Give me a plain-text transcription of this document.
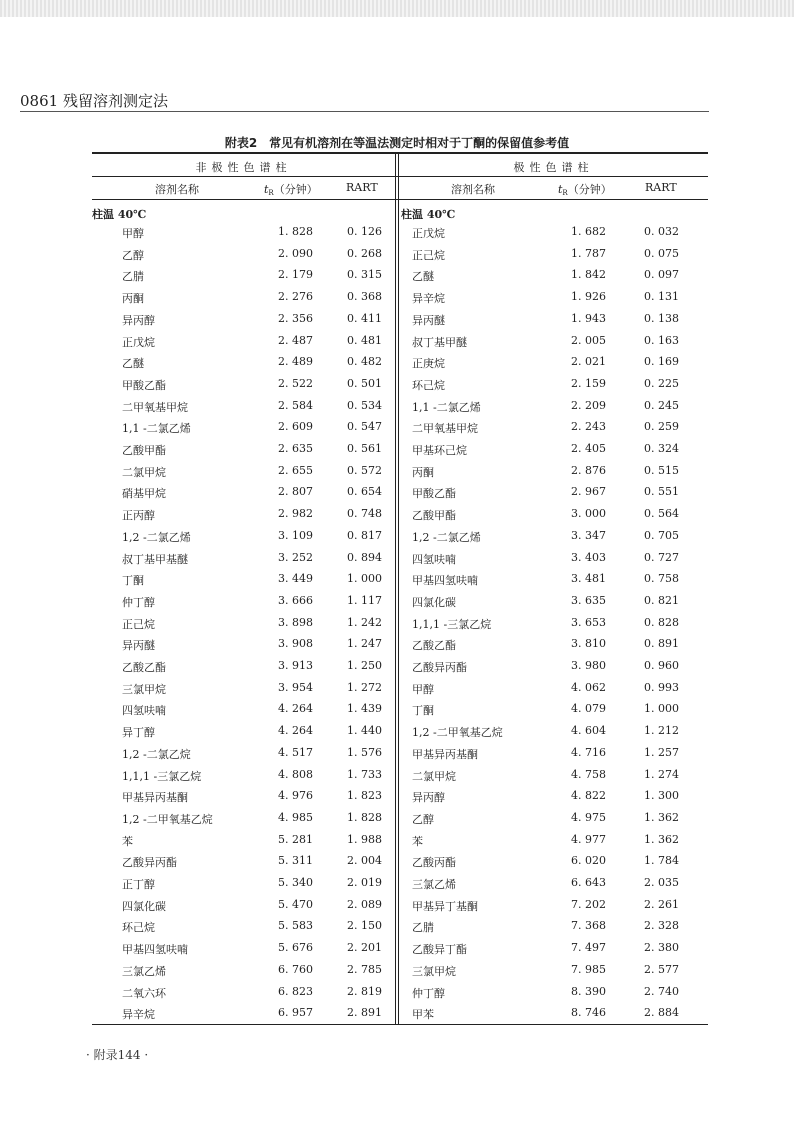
0861 残留溶剂测定法
附表2　常见有机溶剂在等温法测定时相对于丁酮的保留值参考值
非极性色谱柱	极性色谱柱
溶剂名称	$t_R$（分钟）	RART	溶剂名称	$t_R$（分钟）	RART
柱温 40℃	柱温 40℃
甲醇	1. 828	0. 126
乙醇	2. 090	0. 268
乙腈	2. 179	0. 315
丙酮	2. 276	0. 368
异丙醇	2. 356	0. 411
正戊烷	2. 487	0. 481
乙醚	2. 489	0. 482
甲酸乙酯	2. 522	0. 501
二甲氧基甲烷	2. 584	0. 534
1,1 -二氯乙烯	2. 609	0. 547
乙酸甲酯	2. 635	0. 561
二氯甲烷	2. 655	0. 572
硝基甲烷	2. 807	0. 654
正丙醇	2. 982	0. 748
1,2 -二氯乙烯	3. 109	0. 817
叔丁基甲基醚	3. 252	0. 894
丁酮	3. 449	1. 000
仲丁醇	3. 666	1. 117
正己烷	3. 898	1. 242
异丙醚	3. 908	1. 247
乙酸乙酯	3. 913	1. 250
三氯甲烷	3. 954	1. 272
四氢呋喃	4. 264	1. 439
异丁醇	4. 264	1. 440
1,2 -二氯乙烷	4. 517	1. 576
1,1,1 -三氯乙烷	4. 808	1. 733
甲基异丙基酮	4. 976	1. 823
1,2 -二甲氧基乙烷	4. 985	1. 828
苯	5. 281	1. 988
乙酸异丙酯	5. 311	2. 004
正丁醇	5. 340	2. 019
四氯化碳	5. 470	2. 089
环己烷	5. 583	2. 150
甲基四氢呋喃	5. 676	2. 201
三氯乙烯	6. 760	2. 785
二氧六环	6. 823	2. 819
异辛烷	6. 957	2. 891
正戊烷	1. 682	0. 032
正己烷	1. 787	0. 075
乙醚	1. 842	0. 097
异辛烷	1. 926	0. 131
异丙醚	1. 943	0. 138
叔丁基甲醚	2. 005	0. 163
正庚烷	2. 021	0. 169
环己烷	2. 159	0. 225
1,1 -二氯乙烯	2. 209	0. 245
二甲氧基甲烷	2. 243	0. 259
甲基环己烷	2. 405	0. 324
丙酮	2. 876	0. 515
甲酸乙酯	2. 967	0. 551
乙酸甲酯	3. 000	0. 564
1,2 -二氯乙烯	3. 347	0. 705
四氢呋喃	3. 403	0. 727
甲基四氢呋喃	3. 481	0. 758
四氯化碳	3. 635	0. 821
1,1,1 -三氯乙烷	3. 653	0. 828
乙酸乙酯	3. 810	0. 891
乙酸异丙酯	3. 980	0. 960
甲醇	4. 062	0. 993
丁酮	4. 079	1. 000
1,2 -二甲氧基乙烷	4. 604	1. 212
甲基异丙基酮	4. 716	1. 257
二氯甲烷	4. 758	1. 274
异丙醇	4. 822	1. 300
乙醇	4. 975	1. 362
苯	4. 977	1. 362
乙酸丙酯	6. 020	1. 784
三氯乙烯	6. 643	2. 035
甲基异丁基酮	7. 202	2. 261
乙腈	7. 368	2. 328
乙酸异丁酯	7. 497	2. 380
三氯甲烷	7. 985	2. 577
仲丁醇	8. 390	2. 740
甲苯	8. 746	2. 884
· 附录144 ·
